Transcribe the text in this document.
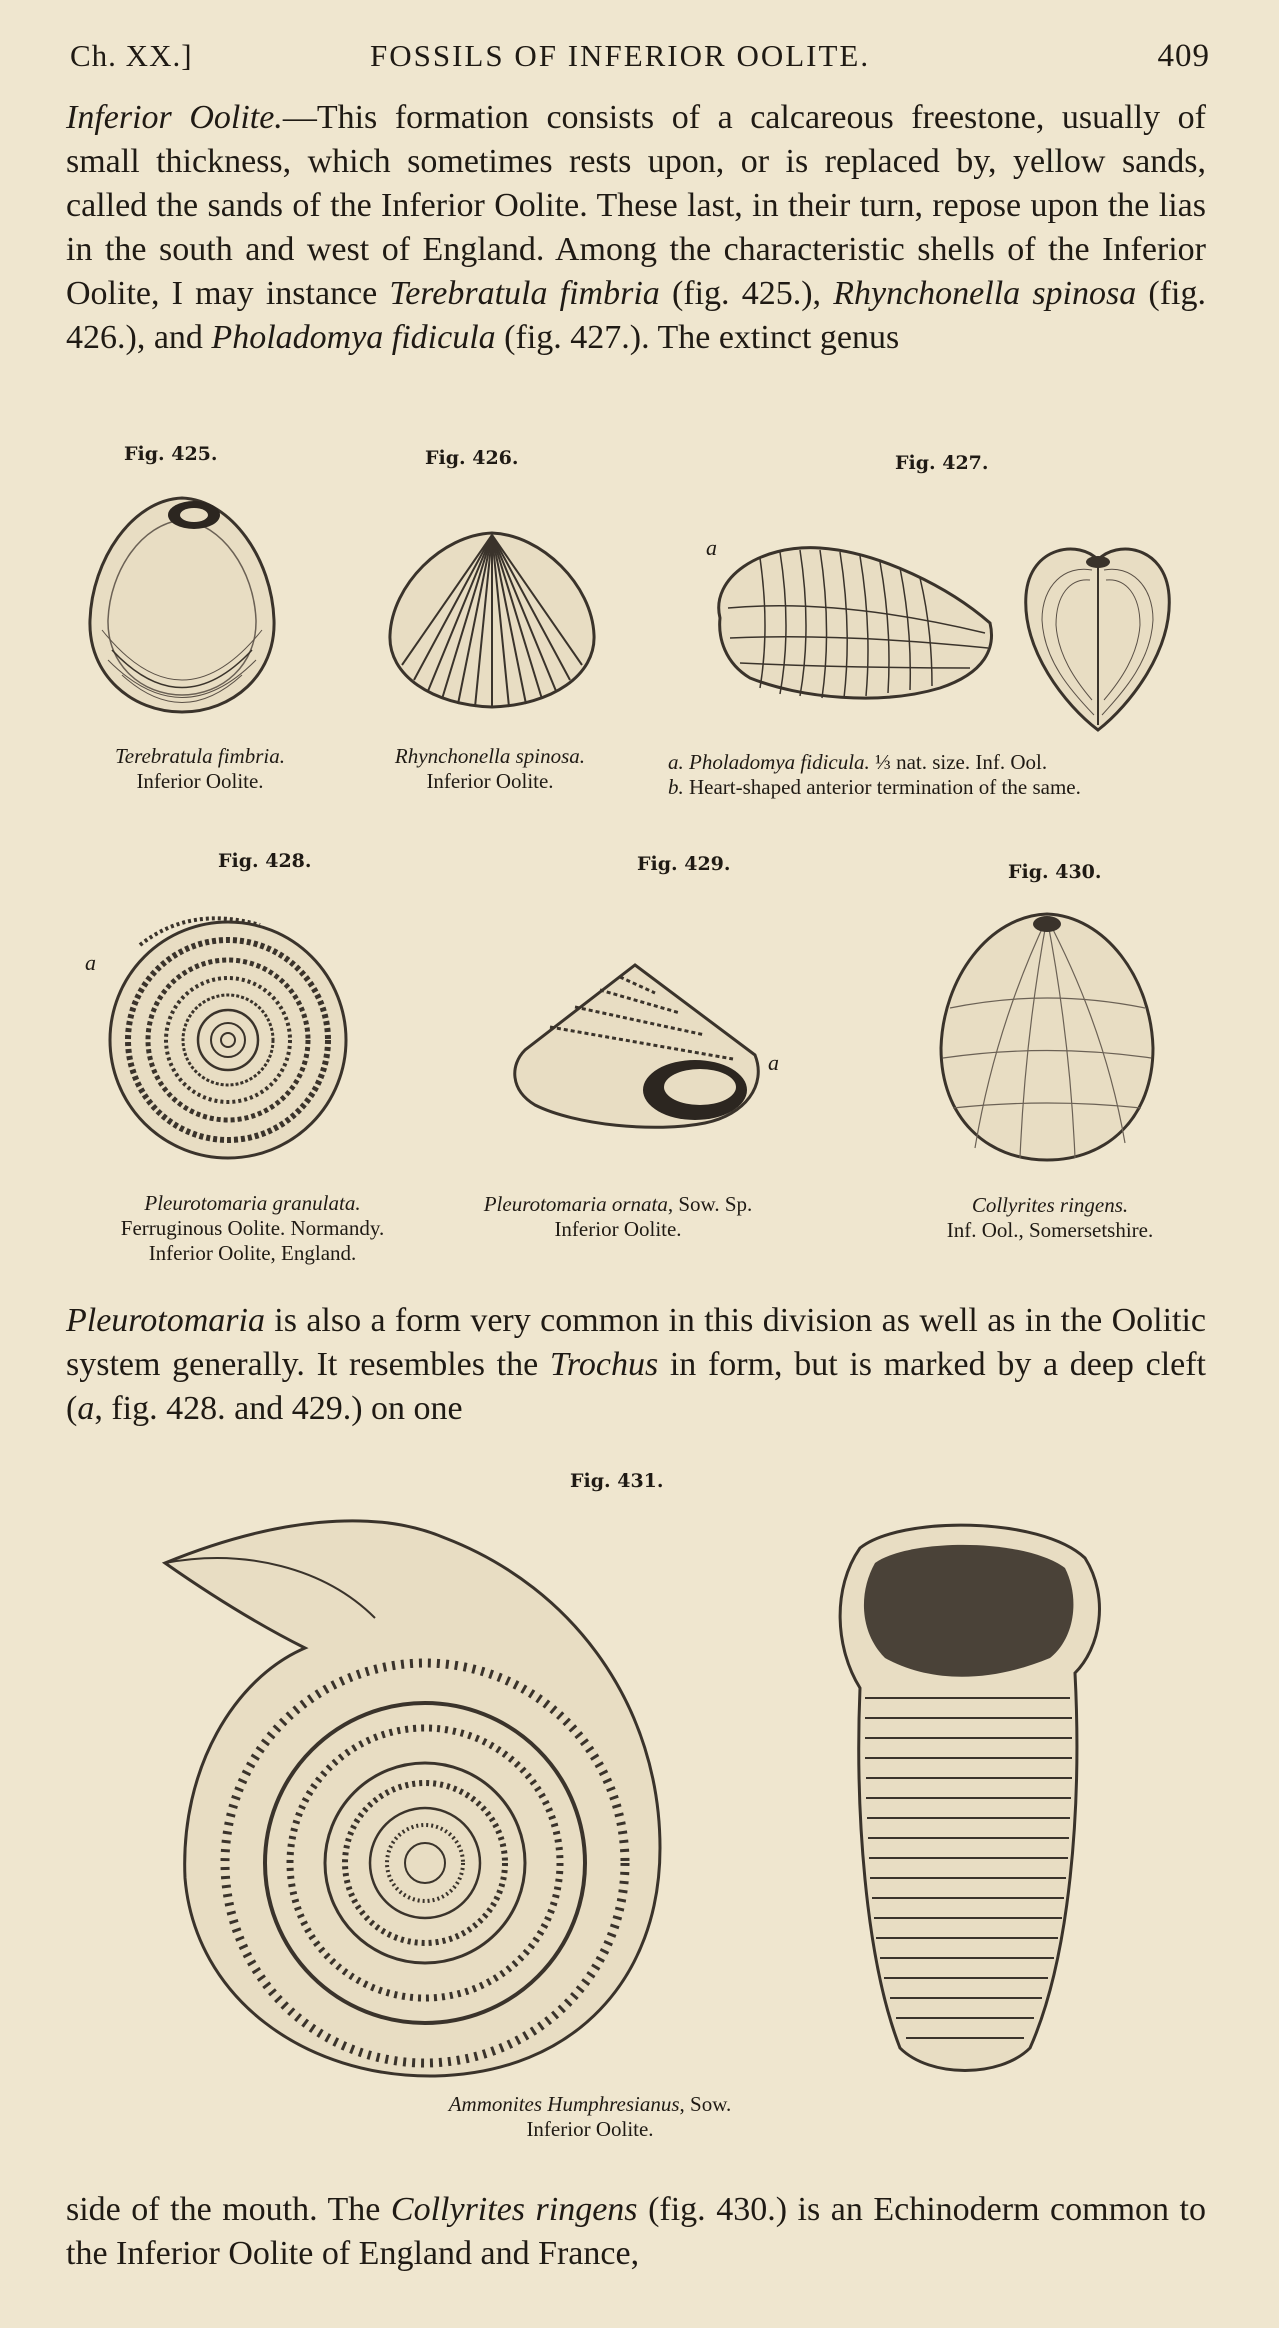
Ch. XX.]	FOSSILS OF INFERIOR OOLITE.	409
Inferior Oolite.—This formation consists of a calcareous freestone, usually of small thickness, which sometimes rests upon, or is replaced by, yellow sands, called the sands of the Inferior Oolite. These last, in their turn, repose upon the lias in the south and west of England. Among the characteristic shells of the Inferior Oolite, I may instance Terebratula fimbria (fig. 425.), Rhynchonella spinosa (fig. 426.), and Pholadomya fidicula (fig. 427.). The extinct genus
Fig. 425.	Fig. 426.	Fig. 427.
a
Terebratula fimbria.
Inferior Oolite.
Rhynchonella spinosa.
Inferior Oolite.
a. Pholadomya fidicula. ⅓ nat. size. Inf. Ool.
b. Heart-shaped anterior termination of the same.
Fig. 428.	Fig. 429.	Fig. 430.
a
a
Pleurotomaria granulata.
Ferruginous Oolite. Normandy.
Inferior Oolite, England.
Pleurotomaria ornata, Sow. Sp.
Inferior Oolite.
Collyrites ringens.
Inf. Ool., Somersetshire.
Pleurotomaria is also a form very common in this division as well as in the Oolitic system generally. It resembles the Trochus in form, but is marked by a deep cleft (a, fig. 428. and 429.) on one
Fig. 431.
Ammonites Humphresianus, Sow.
Inferior Oolite.
side of the mouth. The Collyrites ringens (fig. 430.) is an Echinoderm common to the Inferior Oolite of England and France,
